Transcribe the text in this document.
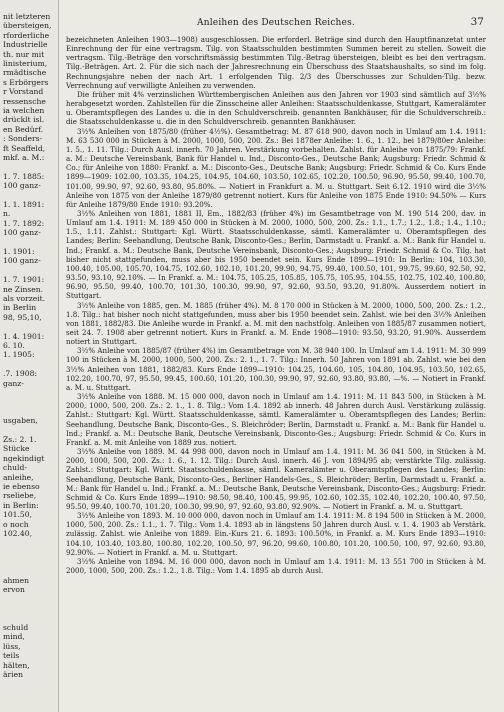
nit letzteren
übersteigen,
rforderliche
Industrielle
th. nur mit
linisterium,
rmädtische
s Erbörgers
r Vorstand
ressensche
ia welchen
drücklt isl.
en Bedürf.
: Sonders-
ft Seaffeld,
mkf. a. M.:
1. 7. 1885:
100 ganz-
1. 1. 1891:
n.
1. 7. 1892:
100 ganz-
1. 1901:
100 ganz-
1. 7. 1901:
ne Zinsen.
als vorzeit.
in Berlin
98, 95,10,
1. 4. 1901:
6. 10.
1. 1905:
.7. 1908:
ganz-
usgaben,
Zs.: 2. 1.
Stücke
ngekindigt
chuld-
anleihe,
ie ebenso
rseliebe,
in Berlin:
101.50,
o noch
102.40,
ahmen
ervon
schuld
mind,
lüss,
teils
hälten,
ärien
Anleihen des Deutschen Reiches.	37

bezeichneten Anleihen 1903—1908) ausgeschlossen. Die erforderl. Beträge sind durch den Hauptfinanzetat unter Einrechnung der für eine vertragsm. Tilg. von Staatsschulden bestimmten Summen bereit zu stellen. Soweit die vertragsm. Tilg.-Beträge den vorschriftsmässig bestimmten Tilg.-Betrag übersteigen, bleibt es bei den vertragsm. Tilg.-Beträgen. Art. 2. Für die sich nach der Jahresrechnung ein Überschuss des Staatshaushalts, so sind im folg. Rechnungsjahre neben der nach Art. 1 erfolgenden Tilg. 2/3 des Überschusses zur Schulden-Tilg. bezw. Verrechnung auf verwilligte Anleihen zu verwenden.

Die früher mit 4% verzinslichen Württembergischen Anleihen aus den Jahren vor 1903 sind sämtlich auf 3½% herabgesetzt worden. Zahlstellen für die Zinsscheine aller Anleihen: Staatsschuldenkasse, Stuttgart, Kameralämter u. Oberamtspflegen des Landes u. die in den Schuldverschreib. genannten Bankhäuser, für die Schuldverschreib.: die Staatsschuldenkasse u. die in den Schuldverschreib. genannten Bankhäuser.

3½% Anleihen von 1875/80 (früher 4½%). Gesamtbetrag: M. 87 618 900, davon noch in Umlauf am 1.4. 1911: M. 63 530 000 in Stücken à M. 2000, 1000, 500, 200. Zs.: Bei 1878er Anleihe: 1. 6., 1. 12., bei 1879/80er Anleihe: 1. 5., 1. 11. Tilg.: Durch Ausl. innerh. 70 Jahren. Verstärkung vorbehalten. Zahlst. für Anleihe von 1875/79: Frankf. a. M.: Deutsche Vereinsbank, Bank für Handel u. Ind., Disconto-Ges., Deutsche Bank; Augsburg: Friedr. Schmid & Co.; für Anleihe von 1880: Frankf. a. M.: Disconto-Ges., Deutsche Bank; Augsburg: Friedr. Schmid & Co. Kurs Ende 1899—1909: 102.00, 103.35, 104.25, 104.95, 104.60, 103.50, 102.65, 102.20, 100.50, 96.90, 95.50, 99.40, 100.70, 101.00, 99.90, 97, 92.60, 93.80, 95.80%. — Notiert in Frankfurt a. M. u. Stuttgart. Seit 6.12. 1910 wird die 3½% Anleihe von 1875 von der Anleihe 1879/80 getrennt notiert. Kurs für Anleihe von 1875 Ende 1910: 94.50% — Kurs für Anleihe 1879/80 Ende 1910: 93.20%.

3½% Anleihen von 1881, 1881 II, Em., 1882/83 (früher 4%) im Gesamtbetrage von M. 190 514 200, dav. in Umlauf am 1.4. 1911: M. 189 450 000 in Stücken à M. 2000, 1000, 500, 200. Zs.: 1.1., 1.7.; 1.2., 1.8.; 1.4., 1.10.; 1.5., 1.11. Zahlst.: Stuttgart: Kgl. Württ. Staatsschuldenkasse, sämtl. Kameralämter u. Oberamtspflegen des Landes; Berlin: Seehandlung, Deutsche Bank, Disconto-Ges.; Berlin, Darmstadt u. Frankf. a. M.: Bank für Handel u. Ind.; Frankf. a. M.: Deutsche Bank, Deutsche Vereinsbank, Disconto-Ges.; Augsburg: Friedr. Schmid & Co. Tilg. hat bisher nicht stattgefunden, muss aber bis 1950 beendet sein. Kurs Ende 1899—1910: In Berlin: 104, 103.30, 100.40, 105.00, 105.70, 104.75, 102.60, 102.10, 101.20, 99.90, 94.75, 99.40, 100.50, 101, 99.75, 99.60, 92.50, 92, 93.50, 93.10, 92.10%. — In Frankf. a. M.: 104.75, 105.25, 105.85, 105.75, 105.95, 104.55, 102.75, 102.40, 100.80, 96.90, 95.50, 99.40, 100.70, 101.30, 100.30, 99.90, 97, 92.60, 93.50, 93.20, 91.80%. Ausserdem notiert in Stuttgart.

3½% Anleihe von 1885, gen. M. 1885 (früher 4%). M. 8 170 000 in Stücken à M. 2000, 1000, 500, 200. Zs.: 1.2., 1.8. Tilg.: hat bisher noch nicht stattgefunden, muss aber bis 1950 beendet sein. Zahlst. wie bei den 3½% Anleihen von 1881, 1882/83. Die Anleihe wurde in Frankf. a. M. mit den nachstfolg. Anleihen von 1885/87 zusammen notiert, seit 24. 7. 1908 aber getrennt notiert. Kurs in Frankf. a. M. Ende 1908—1910: 93.50, 93.20, 91.90%. Ausserdem notiert in Stuttgart.

3½% Anleihe von 1885/87 (früher 4%) im Gesamtbetrage von M. 38 940 100. In Umlauf am 1.4. 1911: M. 30 999 100 in Stücken à M. 2000, 1000, 500, 200. Zs.: 2. 1., 1. 7. Tilg.: Innerh. 50 Jahren von 1891 ab. Zahlst. wie bei den 3½% Anleihen von 1881, 1882/83. Kurs Ende 1899—1910: 104.25, 104.60, 105, 104.80, 104.95, 103.50, 102.65, 102.20, 100.70, 97, 95.50, 99.45, 100.60, 101.20, 100.30, 99.90, 97, 92.60, 93.80, 93.80, —%. — Notiert in Frankf. a. M. u. Stuttgart.

3½% Anleihe von 1888. M. 15 000 000, davon noch in Umlauf am 1.4. 1911: M. 11 843 500, in Stücken à M. 2000, 1000, 500, 200. Zs.: 2. 1., 1. 8. Tilg.: Vom 1.4. 1892 ab innerh. 48 Jahren durch Ausl. Verstärkung zulässig. Zahlst.: Stuttgart: Kgl. Württ. Staatsschuldenkasse, sämtl. Kameralämter u. Oberamtspflegen des Landes; Berlin: Seehandlung, Deutsche Bank, Disconto-Ges., S. Bleichröder; Berlin, Darmstadt u. Frankf. a. M.: Bank für Handel u. Ind.; Frankf. a. M.: Deutsche Bank, Deutsche Vereinsbank, Disconto-Ges.; Augsburg: Friedr. Schmid & Co. Kurs in Frankf. a. M. mit Anleihe von 1889 zus. notiert.

3½% Anleihe von 1889. M. 44 998 000, davon noch in Umlauf am 1.4. 1911: M. 36 041 500, in Stücken à M. 2000, 1000, 500, 200. Zs.: 1. 6., 1. 12. Tilg.: Durch Ausl. innerh. 46 J. von 1894/95 ab; verstärkte Tilg. zulässig. Zahlst.: Stuttgart: Kgl. Württ. Staatsschuldenkasse, sämtl. Kameralämter u. Oberamtspflegen des Landes; Berlin: Seehandlung, Deutsche Bank, Disconto-Ges., Berliner Handels-Ges., S. Bleichröder; Berlin, Darmstadt u. Frankf. a. M.: Bank für Handel u. Ind.; Frankf. a. M.: Deutsche Bank, Deutsche Vereinsbank, Disconto-Ges.; Augsburg: Friedr. Schmid & Co. Kurs Ende 1899—1910: 98.50, 98.40, 100.45, 99.95, 102.60, 102.35, 102.40, 102.20, 100.40, 97.50, 95.50, 99.40, 100.70, 101.20, 100.30, 99.90, 97, 92.60, 93.80, 92.90%. — Notiert in Frankf. a. M. u. Stuttgart.

3½% Anleihe von 1893. M. 10 000 000, davon noch in Umlauf am 1.4. 1911: M. 8 194 500 in Stücken à M. 2000, 1000, 500, 200. Zs.: 1.1., 1. 7. Tilg.: Vom 1.4. 1893 ab in längstens 50 Jahren durch Ausl. v. 1. 4. 1903 ab Verstärk. zulässig. Zahlst. wie Anleihe von 1889. Ein.-Kurs 21. 6. 1893: 100.50%, in Frankf. a. M. Kurs Ende 1893—1910: 104.10, 103.40, 103.80, 100.80, 102.20, 100.50, 97, 96.20, 99.60, 100.80, 101.20, 100.50, 100, 97, 92.60, 93.80, 92.90%. — Notiert in Frankf. a. M. u. Stuttgart.

3½% Anleihe von 1894. M. 16 000 000, davon noch in Umlauf am 1.4. 1911: M. 13 551 700 in Stücken à M. 2000, 1000, 500, 200. Zs.: 1.2., 1.8. Tilg.: Vom 1.4. 1895 ab durch Ausl.
